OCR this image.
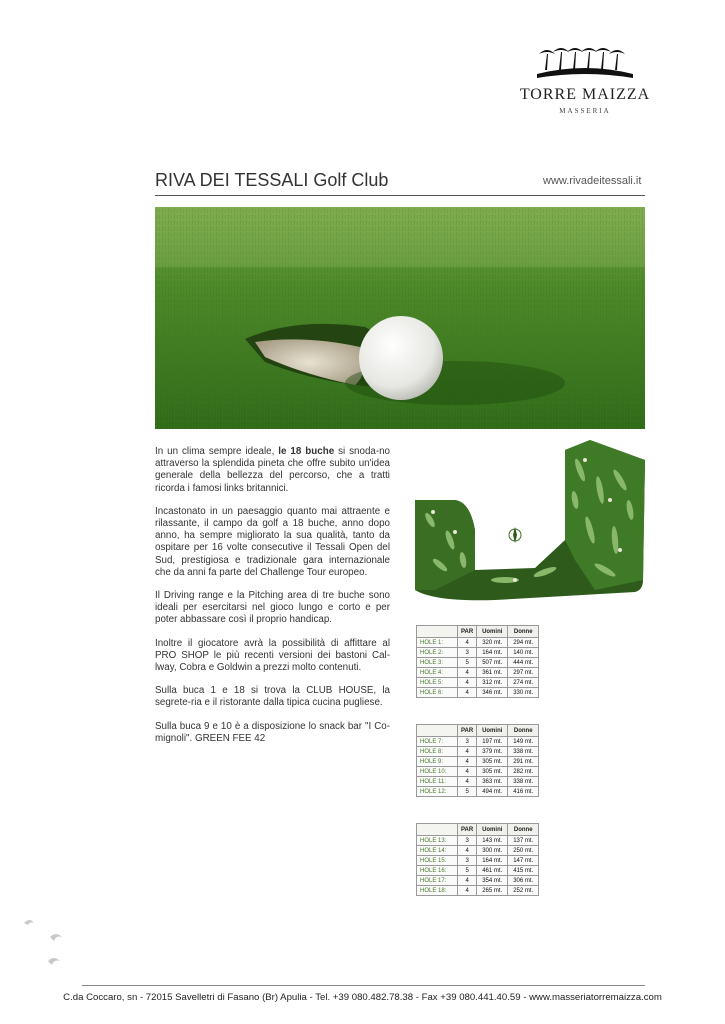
TORRE MAIZZA
MASSERIA
RIVA DEI TESSALI Golf Club	www.rivadeitessali.it

In un clima sempre ideale, le 18 buche si snoda-no attraverso la splendida pineta che offre subito un'idea generale della bellezza del percorso, che a tratti ricorda i famosi links britannici.

Incastonato in un paesaggio quanto mai attraente e rilassante, il campo da golf a 18 buche, anno dopo anno, ha sempre migliorato la sua qualità, tanto da ospitare per 16 volte consecutive il Tessali Open del Sud, prestigiosa e tradizionale gara internazionale che da anni fa parte del Challenge Tour europeo.

Il Driving range e la Pitching area di tre buche sono ideali per esercitarsi nel gioco lungo e corto e per poter abbassare così il proprio handicap.

Inoltre il giocatore avrà la possibilità di affittare al PRO SHOP le più recenti versioni dei bastoni Cal-lway, Cobra e Goldwin a prezzi molto contenuti.

Sulla buca 1 e 18 si trova la CLUB HOUSE, la segrete-ria e il ristorante dalla tipica cucina pugliese.

Sulla buca 9 e 10 è a disposizione lo snack bar "I Co-mignoli". GREEN FEE 42

	PAR	Uomini	Donne
HOLE 1:	4	320 mt.	294 mt.
HOLE 2:	3	164 mt.	140 mt.
HOLE 3:	5	507 mt.	444 mt.
HOLE 4:	4	361 mt.	297 mt.
HOLE 5:	4	312 mt.	274 mt.
HOLE 6:	4	346 mt.	330 mt.
	PAR	Uomini	Donne
HOLE 7:	3	197 mt.	149 mt.
HOLE 8:	4	379 mt.	338 mt.
HOLE 9:	4	305 mt.	291 mt.
HOLE 10:	4	305 mt.	282 mt.
HOLE 11:	4	363 mt.	338 mt.
HOLE 12:	5	494 mt.	416 mt.
	PAR	Uomini	Donne
HOLE 13:	3	143 mt.	137 mt.
HOLE 14:	4	300 mt.	250 mt.
HOLE 15:	3	164 mt.	147 mt.
HOLE 16:	5	461 mt.	415 mt.
HOLE 17:	4	354 mt.	306 mt.
HOLE 18:	4	265 mt.	252 mt.
C.da Coccaro, sn - 72015 Savelletri di Fasano (Br) Apulia - Tel. +39 080.482.78.38 - Fax +39 080.441.40.59 - www.masseriatorremaizza.com
